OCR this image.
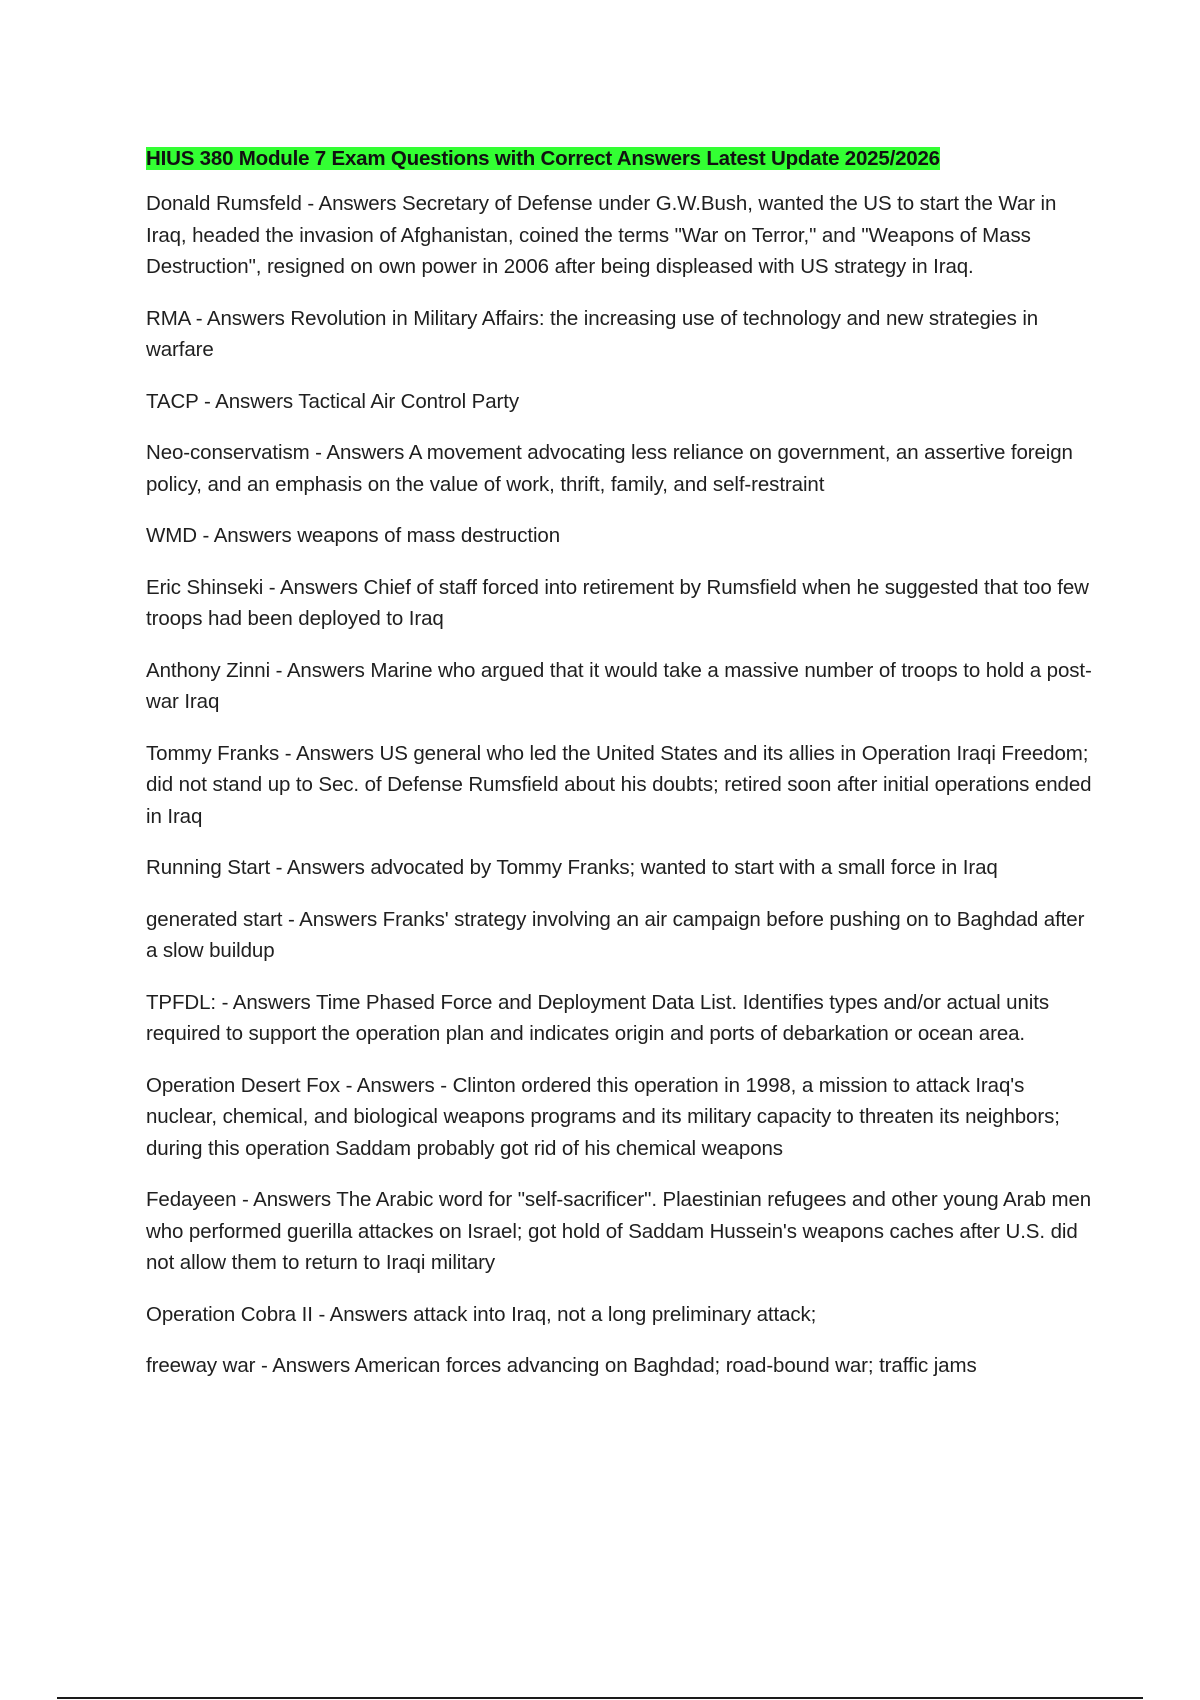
HIUS 380 Module 7 Exam Questions with Correct Answers Latest Update 2025/2026

Donald Rumsfeld - Answers Secretary of Defense under G.W.Bush, wanted the US to start the War in Iraq, headed the invasion of Afghanistan, coined the terms "War on Terror," and "Weapons of Mass Destruction", resigned on own power in 2006 after being displeased with US strategy in Iraq.

RMA - Answers Revolution in Military Affairs: the increasing use of technology and new strategies in warfare

TACP - Answers Tactical Air Control Party

Neo-conservatism - Answers A movement advocating less reliance on government, an assertive foreign policy, and an emphasis on the value of work, thrift, family, and self-restraint

WMD - Answers weapons of mass destruction

Eric Shinseki - Answers Chief of staff forced into retirement by Rumsfield when he suggested that too few troops had been deployed to Iraq

Anthony Zinni - Answers Marine who argued that it would take a massive number of troops to hold a post-war Iraq

Tommy Franks - Answers US general who led the United States and its allies in Operation Iraqi Freedom; did not stand up to Sec. of Defense Rumsfield about his doubts; retired soon after initial operations ended in Iraq

Running Start - Answers advocated by Tommy Franks; wanted to start with a small force in Iraq

generated start - Answers Franks' strategy involving an air campaign before pushing on to Baghdad after a slow buildup

TPFDL: - Answers Time Phased Force and Deployment Data List. Identifies types and/or actual units required to support the operation plan and indicates origin and ports of debarkation or ocean area.

Operation Desert Fox - Answers - Clinton ordered this operation in 1998, a mission to attack Iraq's nuclear, chemical, and biological weapons programs and its military capacity to threaten its neighbors; during this operation Saddam probably got rid of his chemical weapons

Fedayeen - Answers The Arabic word for "self-sacrificer". Plaestinian refugees and other young Arab men who performed guerilla attackes on Israel; got hold of Saddam Hussein's weapons caches after U.S. did not allow them to return to Iraqi military

Operation Cobra II - Answers attack into Iraq, not a long preliminary attack;

freeway war - Answers American forces advancing on Baghdad; road-bound war; traffic jams
